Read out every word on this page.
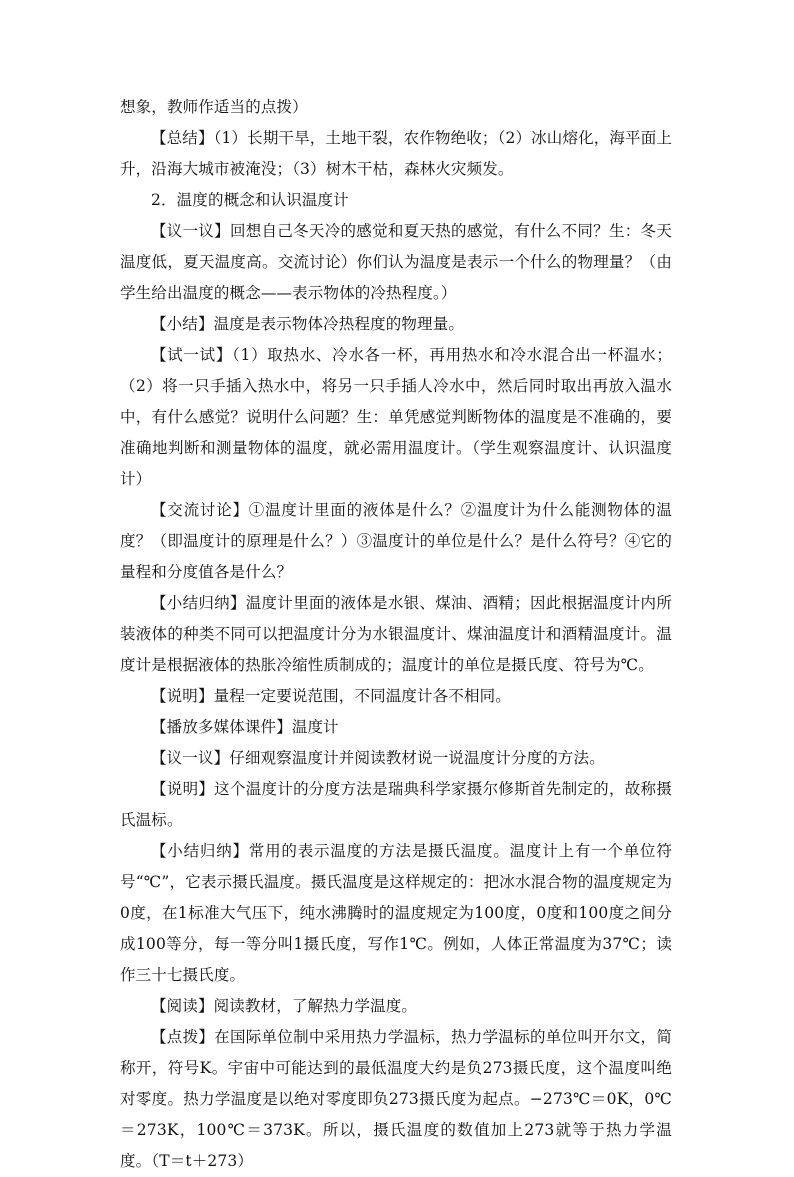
想象，教师作适当的点拨）

【总结】（1）长期干旱，土地干裂，农作物绝收；（2）冰山熔化，海平面上升，沿海大城市被淹没；（3）树木干枯，森林火灾频发。

2．温度的概念和认识温度计

【议一议】回想自己冬天冷的感觉和夏天热的感觉，有什么不同？生：冬天温度低，夏天温度高。交流讨论）你们认为温度是表示一个什么的物理量？（由学生给出温度的概念——表示物体的冷热程度。）

【小结】温度是表示物体冷热程度的物理量。

【试一试】（1）取热水、冷水各一杯，再用热水和冷水混合出一杯温水；（2）将一只手插入热水中，将另一只手插人冷水中，然后同时取出再放入温水中，有什么感觉？说明什么问题？生：单凭感觉判断物体的温度是不准确的，要准确地判断和测量物体的温度，就必需用温度计。（学生观察温度计、认识温度计）

【交流讨论】①温度计里面的液体是什么？②温度计为什么能测物体的温度？（即温度计的原理是什么？）③温度计的单位是什么？是什么符号？④它的量程和分度值各是什么？

【小结归纳】温度计里面的液体是水银、煤油、酒精；因此根据温度计内所装液体的种类不同可以把温度计分为水银温度计、煤油温度计和酒精温度计。温度计是根据液体的热胀冷缩性质制成的；温度计的单位是摄氏度、符号为℃。

【说明】量程一定要说范围，不同温度计各不相同。

【播放多媒体课件】温度计

【议一议】仔细观察温度计并阅读教材说一说温度计分度的方法。

【说明】这个温度计的分度方法是瑞典科学家摄尔修斯首先制定的，故称摄氏温标。

【小结归纳】常用的表示温度的方法是摄氏温度。温度计上有一个单位符号“℃”，它表示摄氏温度。摄氏温度是这样规定的：把冰水混合物的温度规定为0度，在1标准大气压下，纯水沸腾时的温度规定为100度，0度和100度之间分成100等分，每一等分叫1摄氏度，写作1℃。例如，人体正常温度为37℃；读作三十七摄氏度。

【阅读】阅读教材，了解热力学温度。

【点拨】在国际单位制中采用热力学温标，热力学温标的单位叫开尔文，简称开，符号K。宇宙中可能达到的最低温度大约是负273摄氏度，这个温度叫绝对零度。热力学温度是以绝对零度即负273摄氏度为起点。−273℃＝0K，0℃＝273K，100℃＝373K。所以，摄氏温度的数值加上273就等于热力学温度。（T＝t＋273）
